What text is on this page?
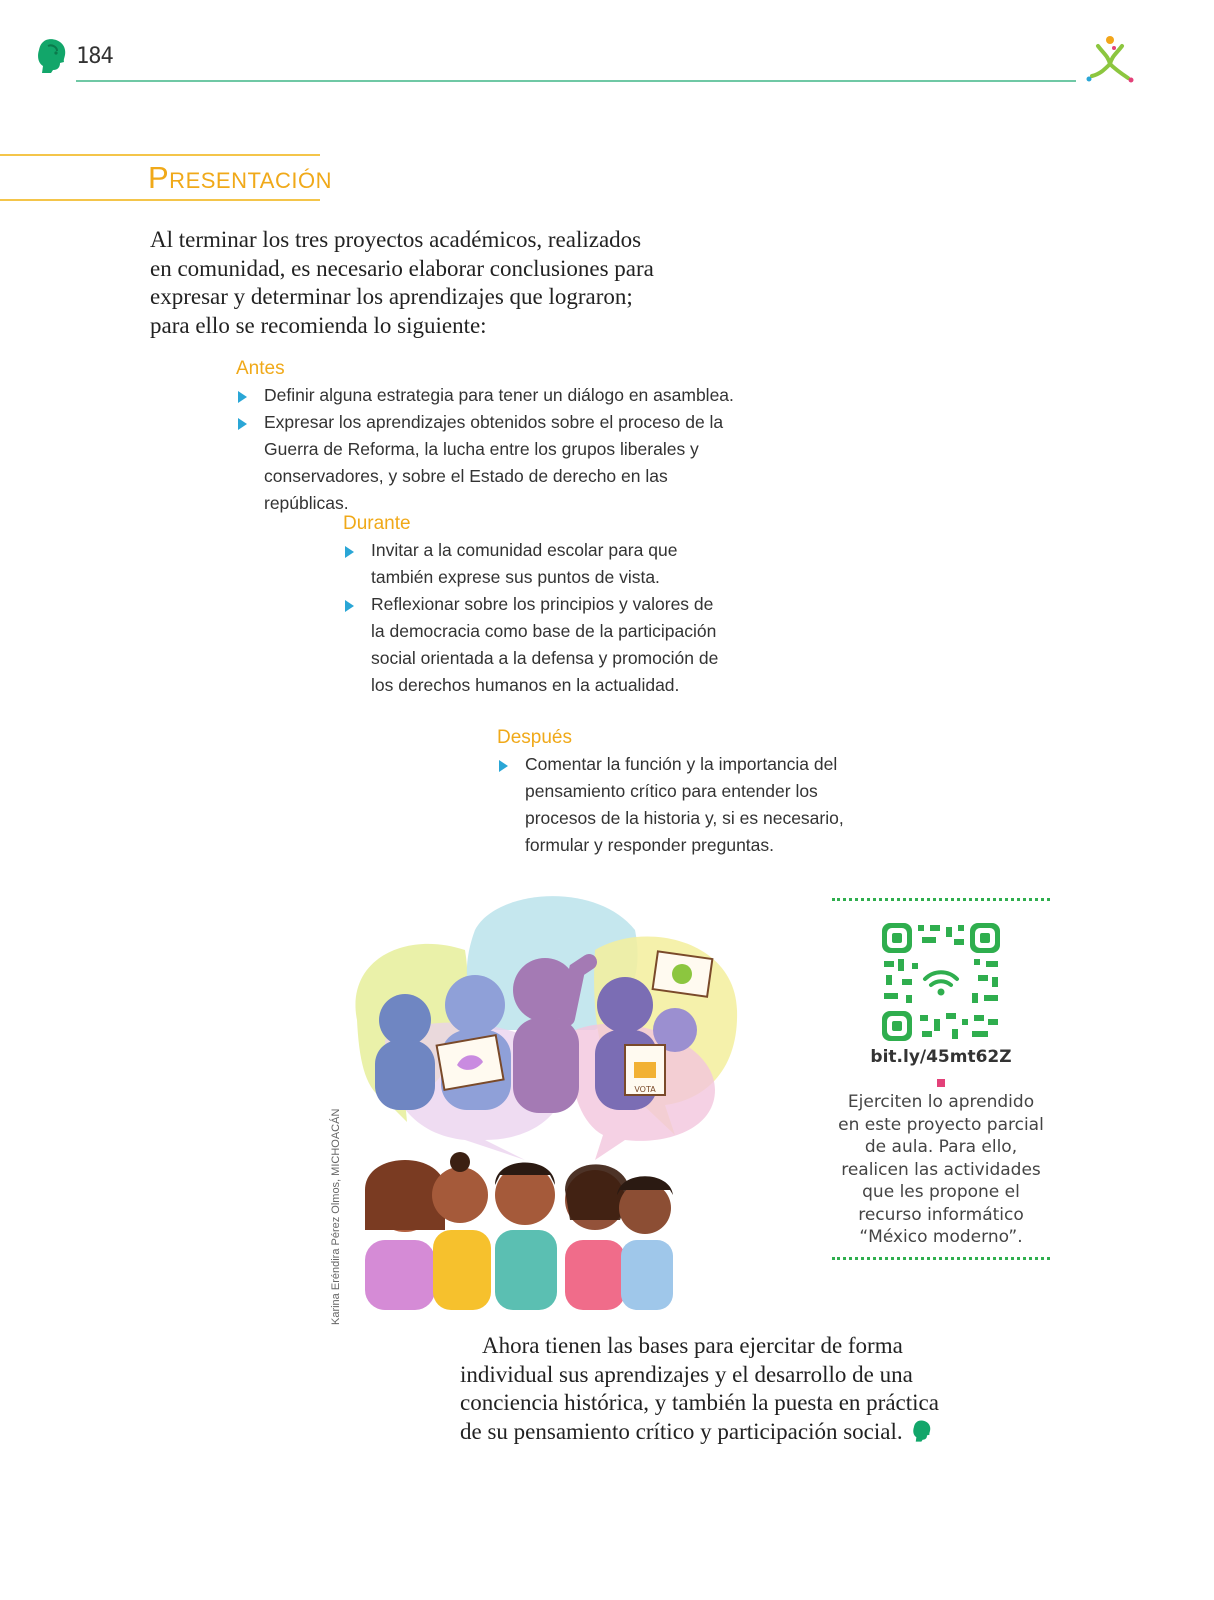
184
Presentación
Al terminar los tres proyectos académicos, realizados
en comunidad, es necesario elaborar conclusiones para
expresar y determinar los aprendizajes que lograron;
para ello se recomienda lo siguiente:
Antes
Definir alguna estrategia para tener un diálogo en asamblea.
Expresar los aprendizajes obtenidos sobre el proceso de la Guerra de Reforma, la lucha entre los grupos liberales y conservadores, y sobre el Estado de derecho en las repúblicas.
Durante
Invitar a la comunidad escolar para que también exprese sus puntos de vista.
Reflexionar sobre los principios y valores de la democracia como base de la participación social orientada a la defensa y promoción de los derechos humanos en la actualidad.
Después
Comentar la función y la importancia del pensamiento crítico para entender los procesos de la historia y, si es necesario, formular y responder preguntas.
VOTA
Karina Eréndira Pérez Olmos, MICHOACÁN
bit.ly/45mt62Z
Ejerciten lo aprendido en este proyecto parcial de aula. Para ello, realicen las actividades que les propone el recurso informático “México moderno”.
Ahora tienen las bases para ejercitar de forma
individual sus aprendizajes y el desarrollo de una
conciencia histórica, y también la puesta en práctica
de su pensamiento crítico y participación social.
